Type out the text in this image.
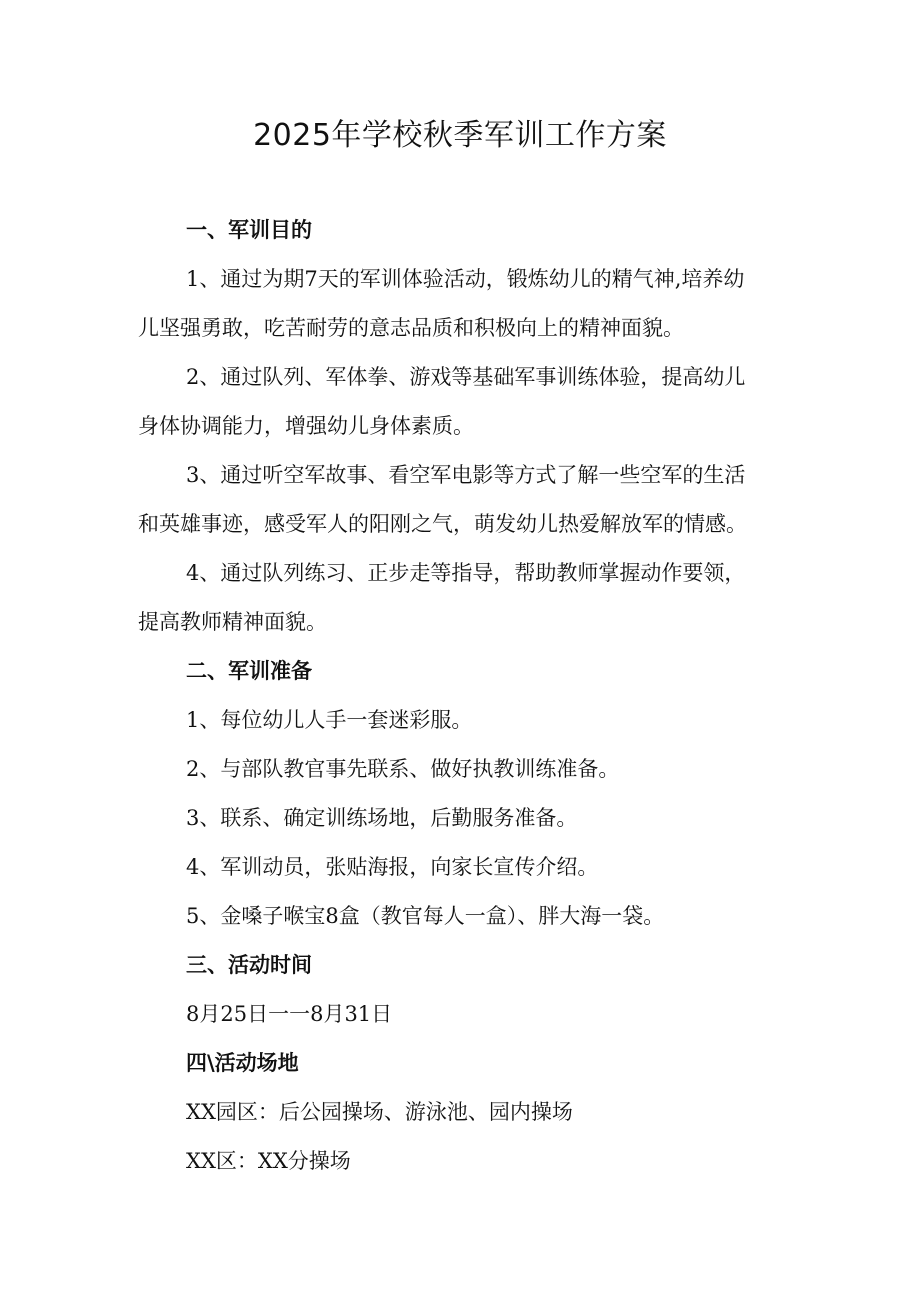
2025年学校秋季军训工作方案
一、军训目的
1、通过为期7天的军训体验活动，锻炼幼儿的精气神,培养幼
儿坚强勇敢，吃苦耐劳的意志品质和积极向上的精神面貌。
2、通过队列、军体拳、游戏等基础军事训练体验，提高幼儿
身体协调能力，增强幼儿身体素质。
3、通过听空军故事、看空军电影等方式了解一些空军的生活
和英雄事迹，感受军人的阳刚之气，萌发幼儿热爱解放军的情感。
4、通过队列练习、正步走等指导，帮助教师掌握动作要领，
提高教师精神面貌。
二、军训准备
1、每位幼儿人手一套迷彩服。
2、与部队教官事先联系、做好执教训练准备。
3、联系、确定训练场地，后勤服务准备。
4、军训动员，张贴海报，向家长宣传介绍。
5、金嗓子喉宝8盒（教官每人一盒）、胖大海一袋。
三、活动时间
8月25日一一8月31日
四\活动场地
XX园区：后公园操场、游泳池、园内操场
XX区：XX分操场
